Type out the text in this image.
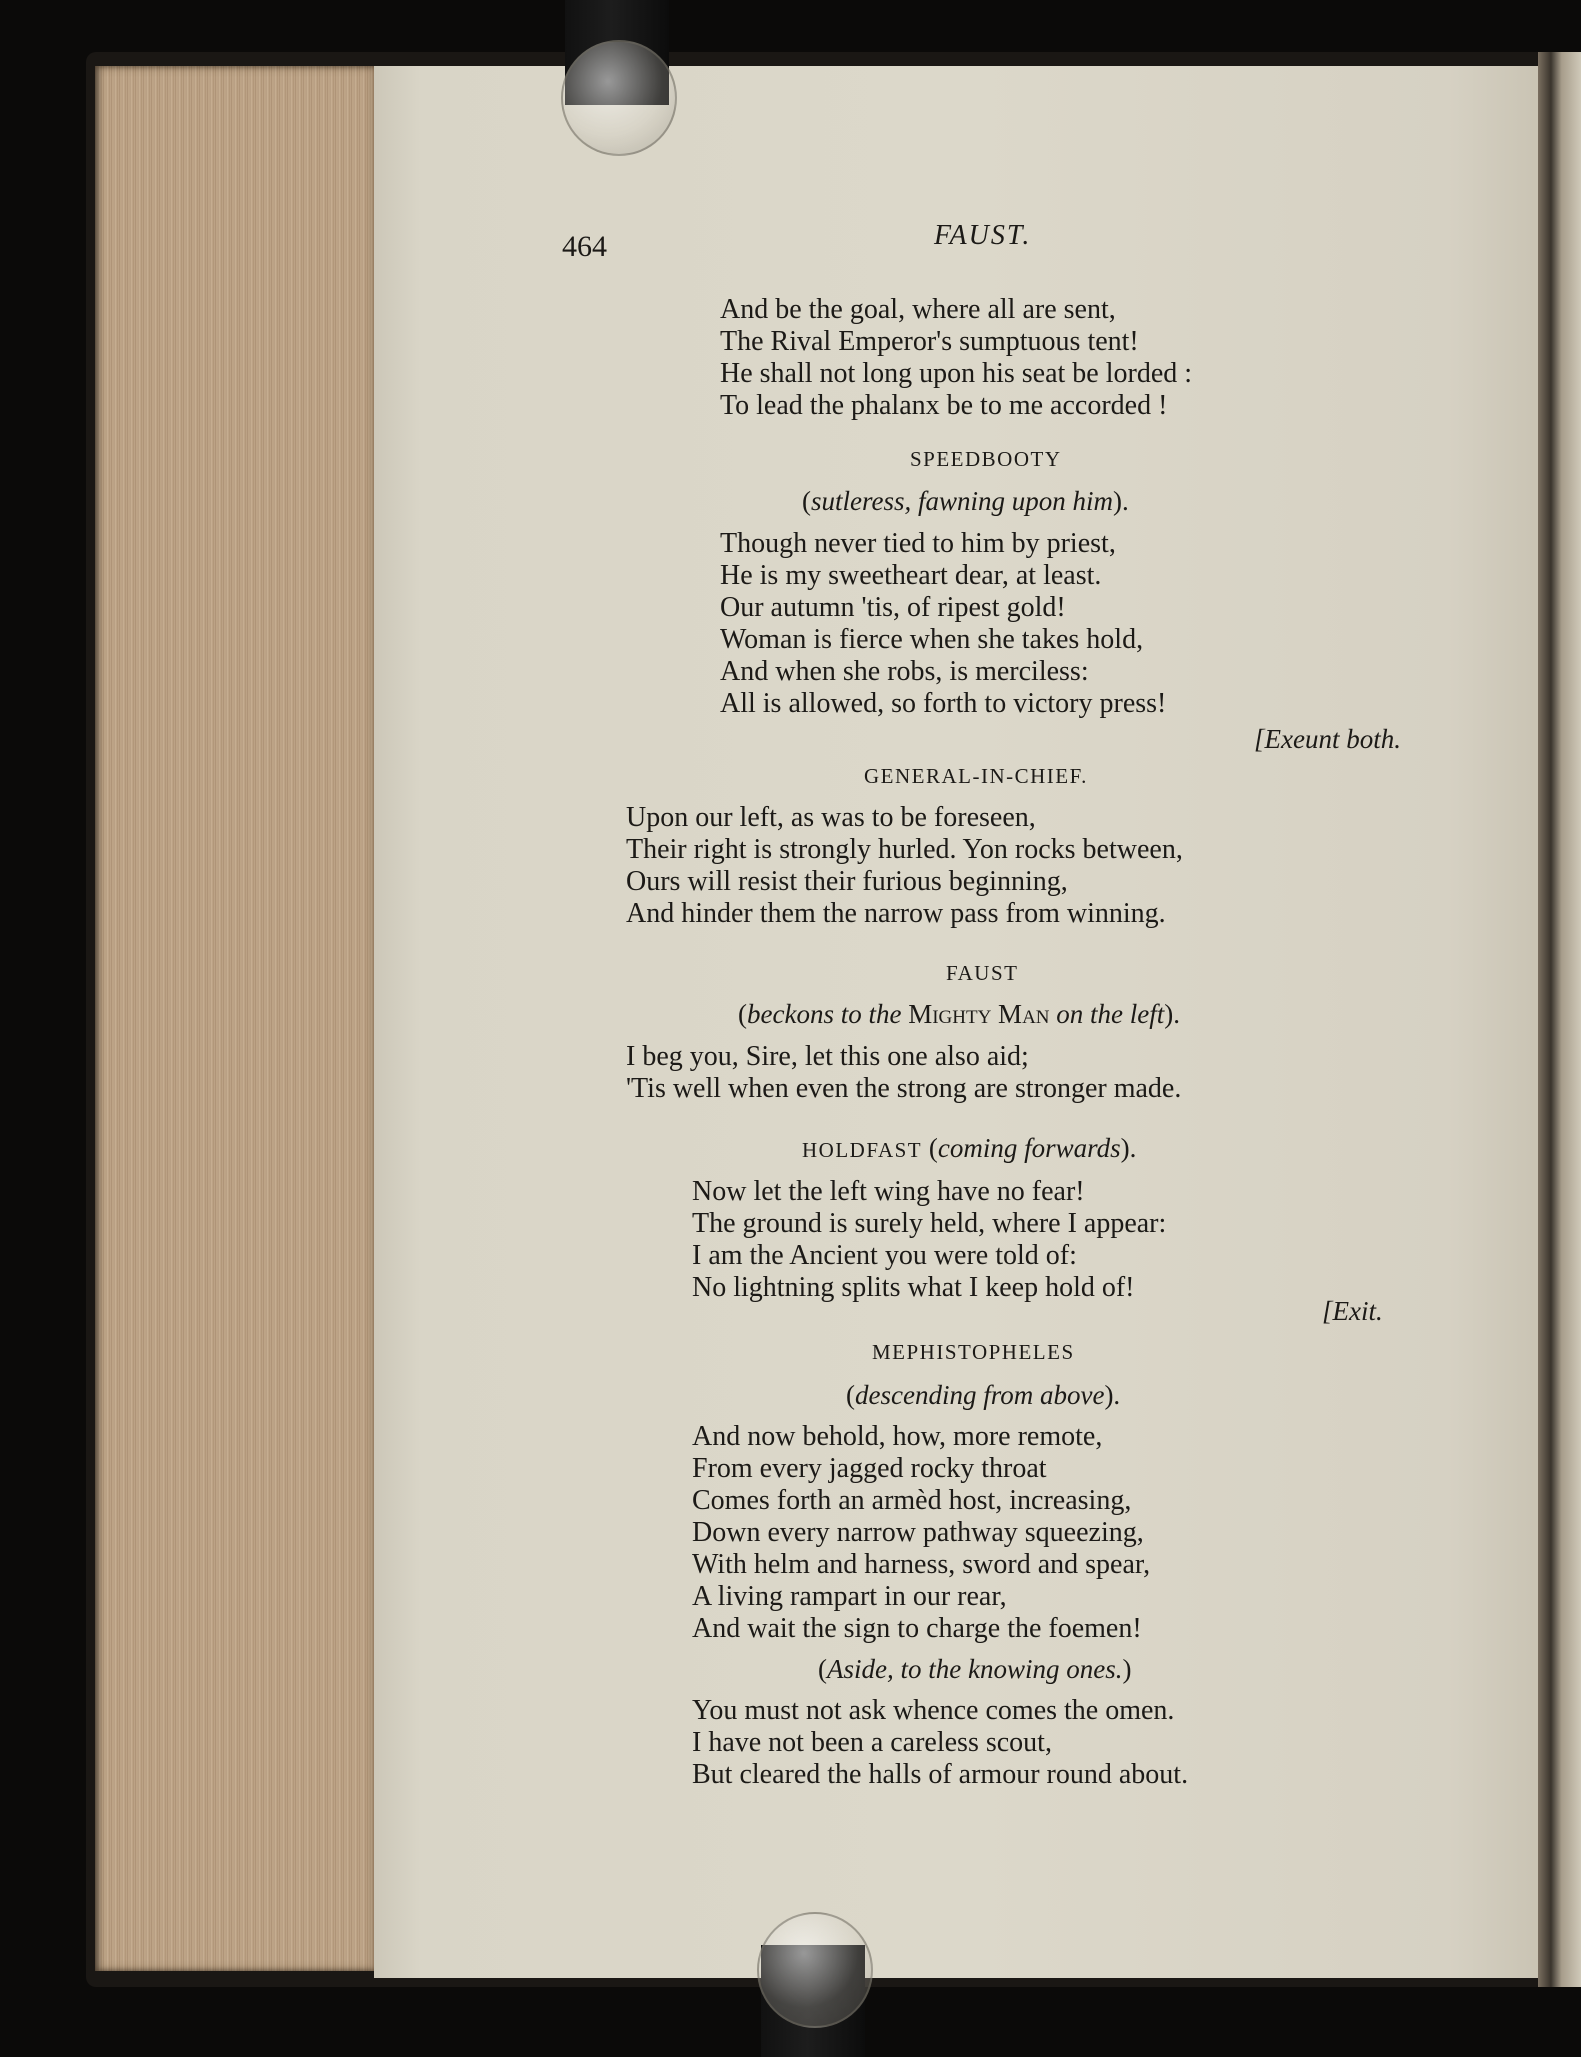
464	FAUST.
And be the goal, where all are sent,
The Rival Emperor's sumptuous tent!
He shall not long upon his seat be lorded :
To lead the phalanx be to me accorded !
SPEEDBOOTY
(sutleress, fawning upon him).
Though never tied to him by priest,
He is my sweetheart dear, at least.
Our autumn 'tis, of ripest gold!
Woman is fierce when she takes hold,
And when she robs, is merciless:
All is allowed, so forth to victory press!
[Exeunt both.
GENERAL-IN-CHIEF.
Upon our left, as was to be foreseen,
Their right is strongly hurled. Yon rocks between,
Ours will resist their furious beginning,
And hinder them the narrow pass from winning.
FAUST
(beckons to the Mighty Man on the left).
I beg you, Sire, let this one also aid;
'Tis well when even the strong are stronger made.
HOLDFAST (coming forwards).
Now let the left wing have no fear!
The ground is surely held, where I appear:
I am the Ancient you were told of:
No lightning splits what I keep hold of!
[Exit.
MEPHISTOPHELES
(descending from above).
And now behold, how, more remote,
From every jagged rocky throat
Comes forth an armèd host, increasing,
Down every narrow pathway squeezing,
With helm and harness, sword and spear,
A living rampart in our rear,
And wait the sign to charge the foemen!
(Aside, to the knowing ones.)
You must not ask whence comes the omen.
I have not been a careless scout,
But cleared the halls of armour round about.
